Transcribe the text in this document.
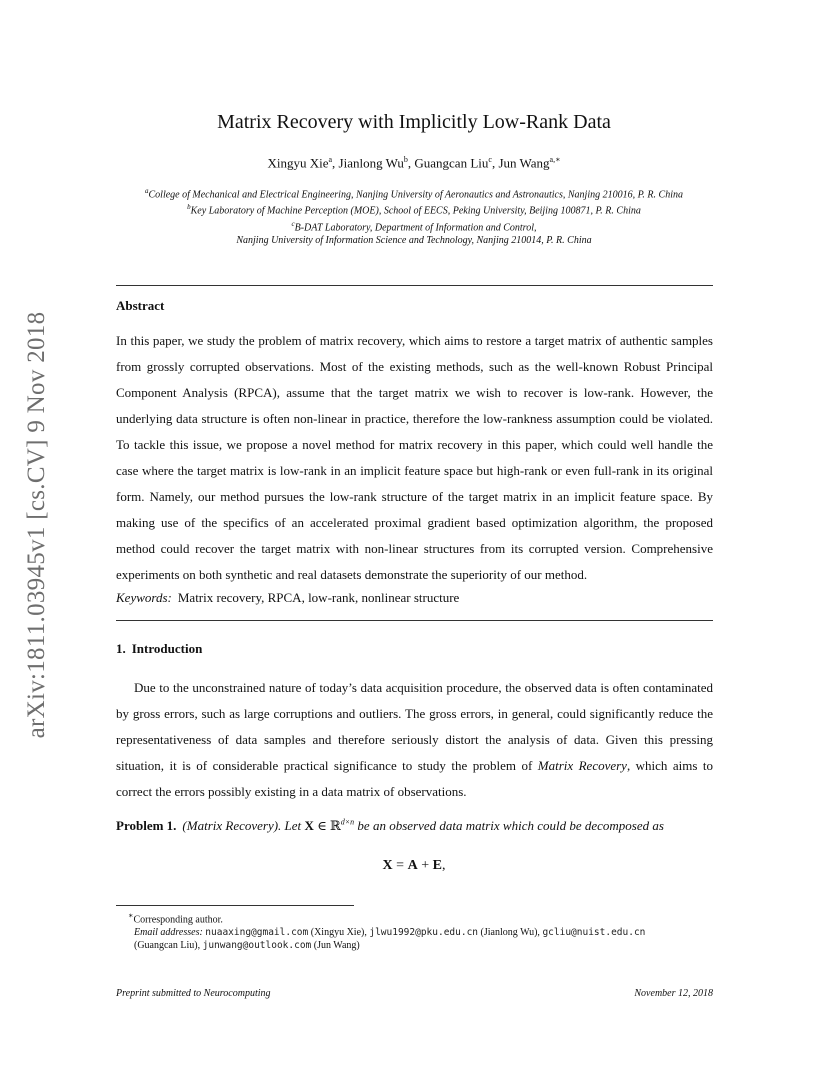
arXiv:1811.03945v1 [cs.CV] 9 Nov 2018
Matrix Recovery with Implicitly Low-Rank Data
Xingyu Xie$^a$, Jianlong Wu$^b$, Guangcan Liu$^c$, Jun Wang$^{a,∗}$
$^a$College of Mechanical and Electrical Engineering, Nanjing University of Aeronautics and Astronautics, Nanjing 210016, P. R. China
$^b$Key Laboratory of Machine Perception (MOE), School of EECS, Peking University, Beijing 100871, P. R. China
$^c$B-DAT Laboratory, Department of Information and Control,
Nanjing University of Information Science and Technology, Nanjing 210014, P. R. China
Abstract
In this paper, we study the problem of matrix recovery, which aims to restore a target matrix of authentic samples from grossly corrupted observations. Most of the existing methods, such as the well-known Robust Principal Component Analysis (RPCA), assume that the target matrix we wish to recover is low-rank. However, the underlying data structure is often non-linear in practice, therefore the low-rankness assumption could be violated. To tackle this issue, we propose a novel method for matrix recovery in this paper, which could well handle the case where the target matrix is low-rank in an implicit feature space but high-rank or even full-rank in its original form. Namely, our method pursues the low-rank structure of the target matrix in an implicit feature space. By making use of the specifics of an accelerated proximal gradient based optimization algorithm, the proposed method could recover the target matrix with non-linear structures from its corrupted version. Comprehensive experiments on both synthetic and real datasets demonstrate the superiority of our method.
Keywords: Matrix recovery, RPCA, low-rank, nonlinear structure
1. Introduction
Due to the unconstrained nature of today’s data acquisition procedure, the observed data is often contaminated by gross errors, such as large corruptions and outliers. The gross errors, in general, could significantly reduce the representativeness of data samples and therefore seriously distort the analysis of data. Given this pressing situation, it is of considerable practical significance to study the problem of Matrix Recovery, which aims to correct the errors possibly existing in a data matrix of observations.
Problem 1. (Matrix Recovery). Let X ∈ ℝ$^{d\times n}$ be an observed data matrix which could be decomposed as
X = A + E,
∗Corresponding author.
Email addresses: nuaaxing@gmail.com (Xingyu Xie), jlwu1992@pku.edu.cn (Jianlong Wu), gcliu@nuist.edu.cn
(Guangcan Liu), junwang@outlook.com (Jun Wang)
Preprint submitted to Neurocomputing	November 12, 2018
